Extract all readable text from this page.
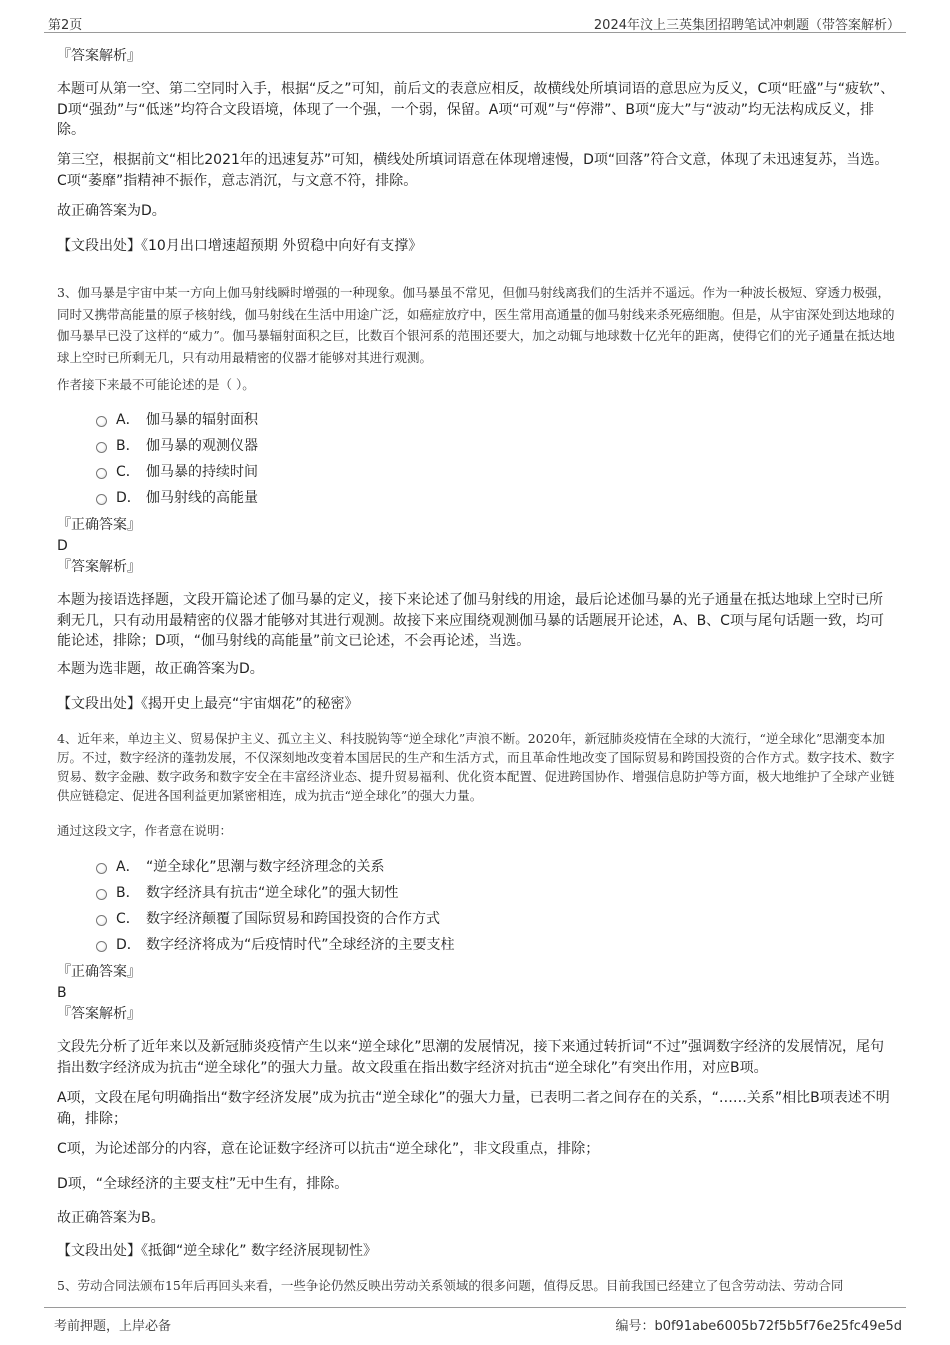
第2页	2024年汶上三英集团招聘笔试冲刺题（带答案解析）
『答案解析』
本题可从第一空、第二空同时入手，根据“反之”可知，前后文的表意应相反，故横线处所填词语的意思应为反义，C项“旺盛”与“疲软”、D项“强劲”与“低迷”均符合文段语境，体现了一个强，一个弱，保留。A项“可观”与“停滞”、B项“庞大”与“波动”均无法构成反义，排除。
第三空，根据前文“相比2021年的迅速复苏”可知，横线处所填词语意在体现增速慢，D项“回落”符合文意，体现了未迅速复苏，当选。C项“萎靡”指精神不振作，意志消沉，与文意不符，排除。
故正确答案为D。
【文段出处】《10月出口增速超预期 外贸稳中向好有支撑》
3、伽马暴是宇宙中某一方向上伽马射线瞬时增强的一种现象。伽马暴虽不常见，但伽马射线离我们的生活并不遥远。作为一种波长极短、穿透力极强，同时又携带高能量的原子核射线，伽马射线在生活中用途广泛，如癌症放疗中，医生常用高通量的伽马射线来杀死癌细胞。但是，从宇宙深处到达地球的伽马暴早已没了这样的“威力”。伽马暴辐射面积之巨，比数百个银河系的范围还要大，加之动辄与地球数十亿光年的距离，使得它们的光子通量在抵达地球上空时已所剩无几，只有动用最精密的仪器才能够对其进行观测。
作者接下来最不可能论述的是（ ）。
A． 伽马暴的辐射面积
B． 伽马暴的观测仪器
C． 伽马暴的持续时间
D． 伽马射线的高能量
『正确答案』
D
『答案解析』
本题为接语选择题，文段开篇论述了伽马暴的定义，接下来论述了伽马射线的用途，最后论述伽马暴的光子通量在抵达地球上空时已所剩无几，只有动用最精密的仪器才能够对其进行观测。故接下来应围绕观测伽马暴的话题展开论述，A、B、C项与尾句话题一致，均可能论述，排除；D项，“伽马射线的高能量”前文已论述，不会再论述，当选。
本题为选非题，故正确答案为D。
【文段出处】《揭开史上最亮“宇宙烟花”的秘密》
4、近年来，单边主义、贸易保护主义、孤立主义、科技脱钩等“逆全球化”声浪不断。2020年，新冠肺炎疫情在全球的大流行，“逆全球化”思潮变本加厉。不过，数字经济的蓬勃发展，不仅深刻地改变着本国居民的生产和生活方式，而且革命性地改变了国际贸易和跨国投资的合作方式。数字技术、数字贸易、数字金融、数字政务和数字安全在丰富经济业态、提升贸易福利、优化资本配置、促进跨国协作、增强信息防护等方面，极大地维护了全球产业链供应链稳定、促进各国利益更加紧密相连，成为抗击“逆全球化”的强大力量。
通过这段文字，作者意在说明：
A． “逆全球化”思潮与数字经济理念的关系
B． 数字经济具有抗击“逆全球化”的强大韧性
C． 数字经济颠覆了国际贸易和跨国投资的合作方式
D． 数字经济将成为“后疫情时代”全球经济的主要支柱
『正确答案』
B
『答案解析』
文段先分析了近年来以及新冠肺炎疫情产生以来“逆全球化”思潮的发展情况，接下来通过转折词“不过”强调数字经济的发展情况，尾句指出数字经济成为抗击“逆全球化”的强大力量。故文段重在指出数字经济对抗击“逆全球化”有突出作用，对应B项。
A项，文段在尾句明确指出“数字经济发展”成为抗击“逆全球化”的强大力量，已表明二者之间存在的关系，“……关系”相比B项表述不明确，排除；
C项，为论述部分的内容，意在论证数字经济可以抗击“逆全球化”，非文段重点，排除；
D项，“全球经济的主要支柱”无中生有，排除。
故正确答案为B。
【文段出处】《抵御“逆全球化” 数字经济展现韧性》
5、劳动合同法颁布15年后再回头来看，一些争论仍然反映出劳动关系领域的很多问题，值得反思。目前我国已经建立了包含劳动法、劳动合同
考前押题，上岸必备	编号：b0f91abe6005b72f5b5f76e25fc49e5d
